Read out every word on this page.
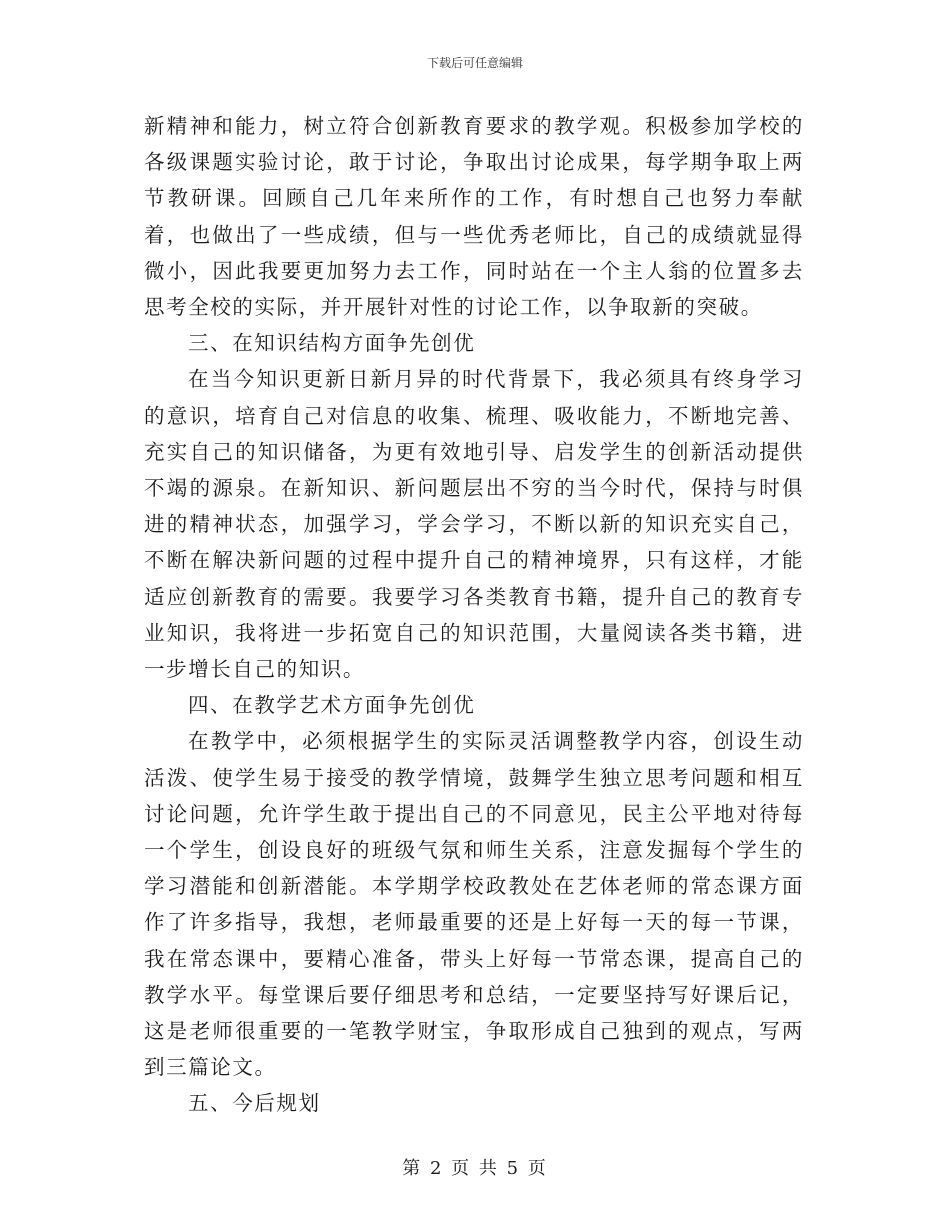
下载后可任意编辑

新精神和能力，树立符合创新教育要求的教学观。积极参加学校的各级课题实验讨论，敢于讨论，争取出讨论成果，每学期争取上两节教研课。回顾自己几年来所作的工作，有时想自己也努力奉献着，也做出了一些成绩，但与一些优秀老师比，自己的成绩就显得微小，因此我要更加努力去工作，同时站在一个主人翁的位置多去思考全校的实际，并开展针对性的讨论工作，以争取新的突破。

三、在知识结构方面争先创优

在当今知识更新日新月异的时代背景下，我必须具有终身学习的意识，培育自己对信息的收集、梳理、吸收能力，不断地完善、充实自己的知识储备，为更有效地引导、启发学生的创新活动提供不竭的源泉。在新知识、新问题层出不穷的当今时代，保持与时俱进的精神状态，加强学习，学会学习，不断以新的知识充实自己，不断在解决新问题的过程中提升自己的精神境界，只有这样，才能适应创新教育的需要。我要学习各类教育书籍，提升自己的教育专业知识，我将进一步拓宽自己的知识范围，大量阅读各类书籍，进一步增长自己的知识。

四、在教学艺术方面争先创优

在教学中，必须根据学生的实际灵活调整教学内容，创设生动活泼、使学生易于接受的教学情境，鼓舞学生独立思考问题和相互讨论问题，允许学生敢于提出自己的不同意见，民主公平地对待每一个学生，创设良好的班级气氛和师生关系，注意发掘每个学生的学习潜能和创新潜能。本学期学校政教处在艺体老师的常态课方面作了许多指导，我想，老师最重要的还是上好每一天的每一节课，我在常态课中，要精心准备，带头上好每一节常态课，提高自己的教学水平。每堂课后要仔细思考和总结，一定要坚持写好课后记，这是老师很重要的一笔教学财宝，争取形成自己独到的观点，写两到三篇论文。

五、今后规划

第 2 页 共 5 页
